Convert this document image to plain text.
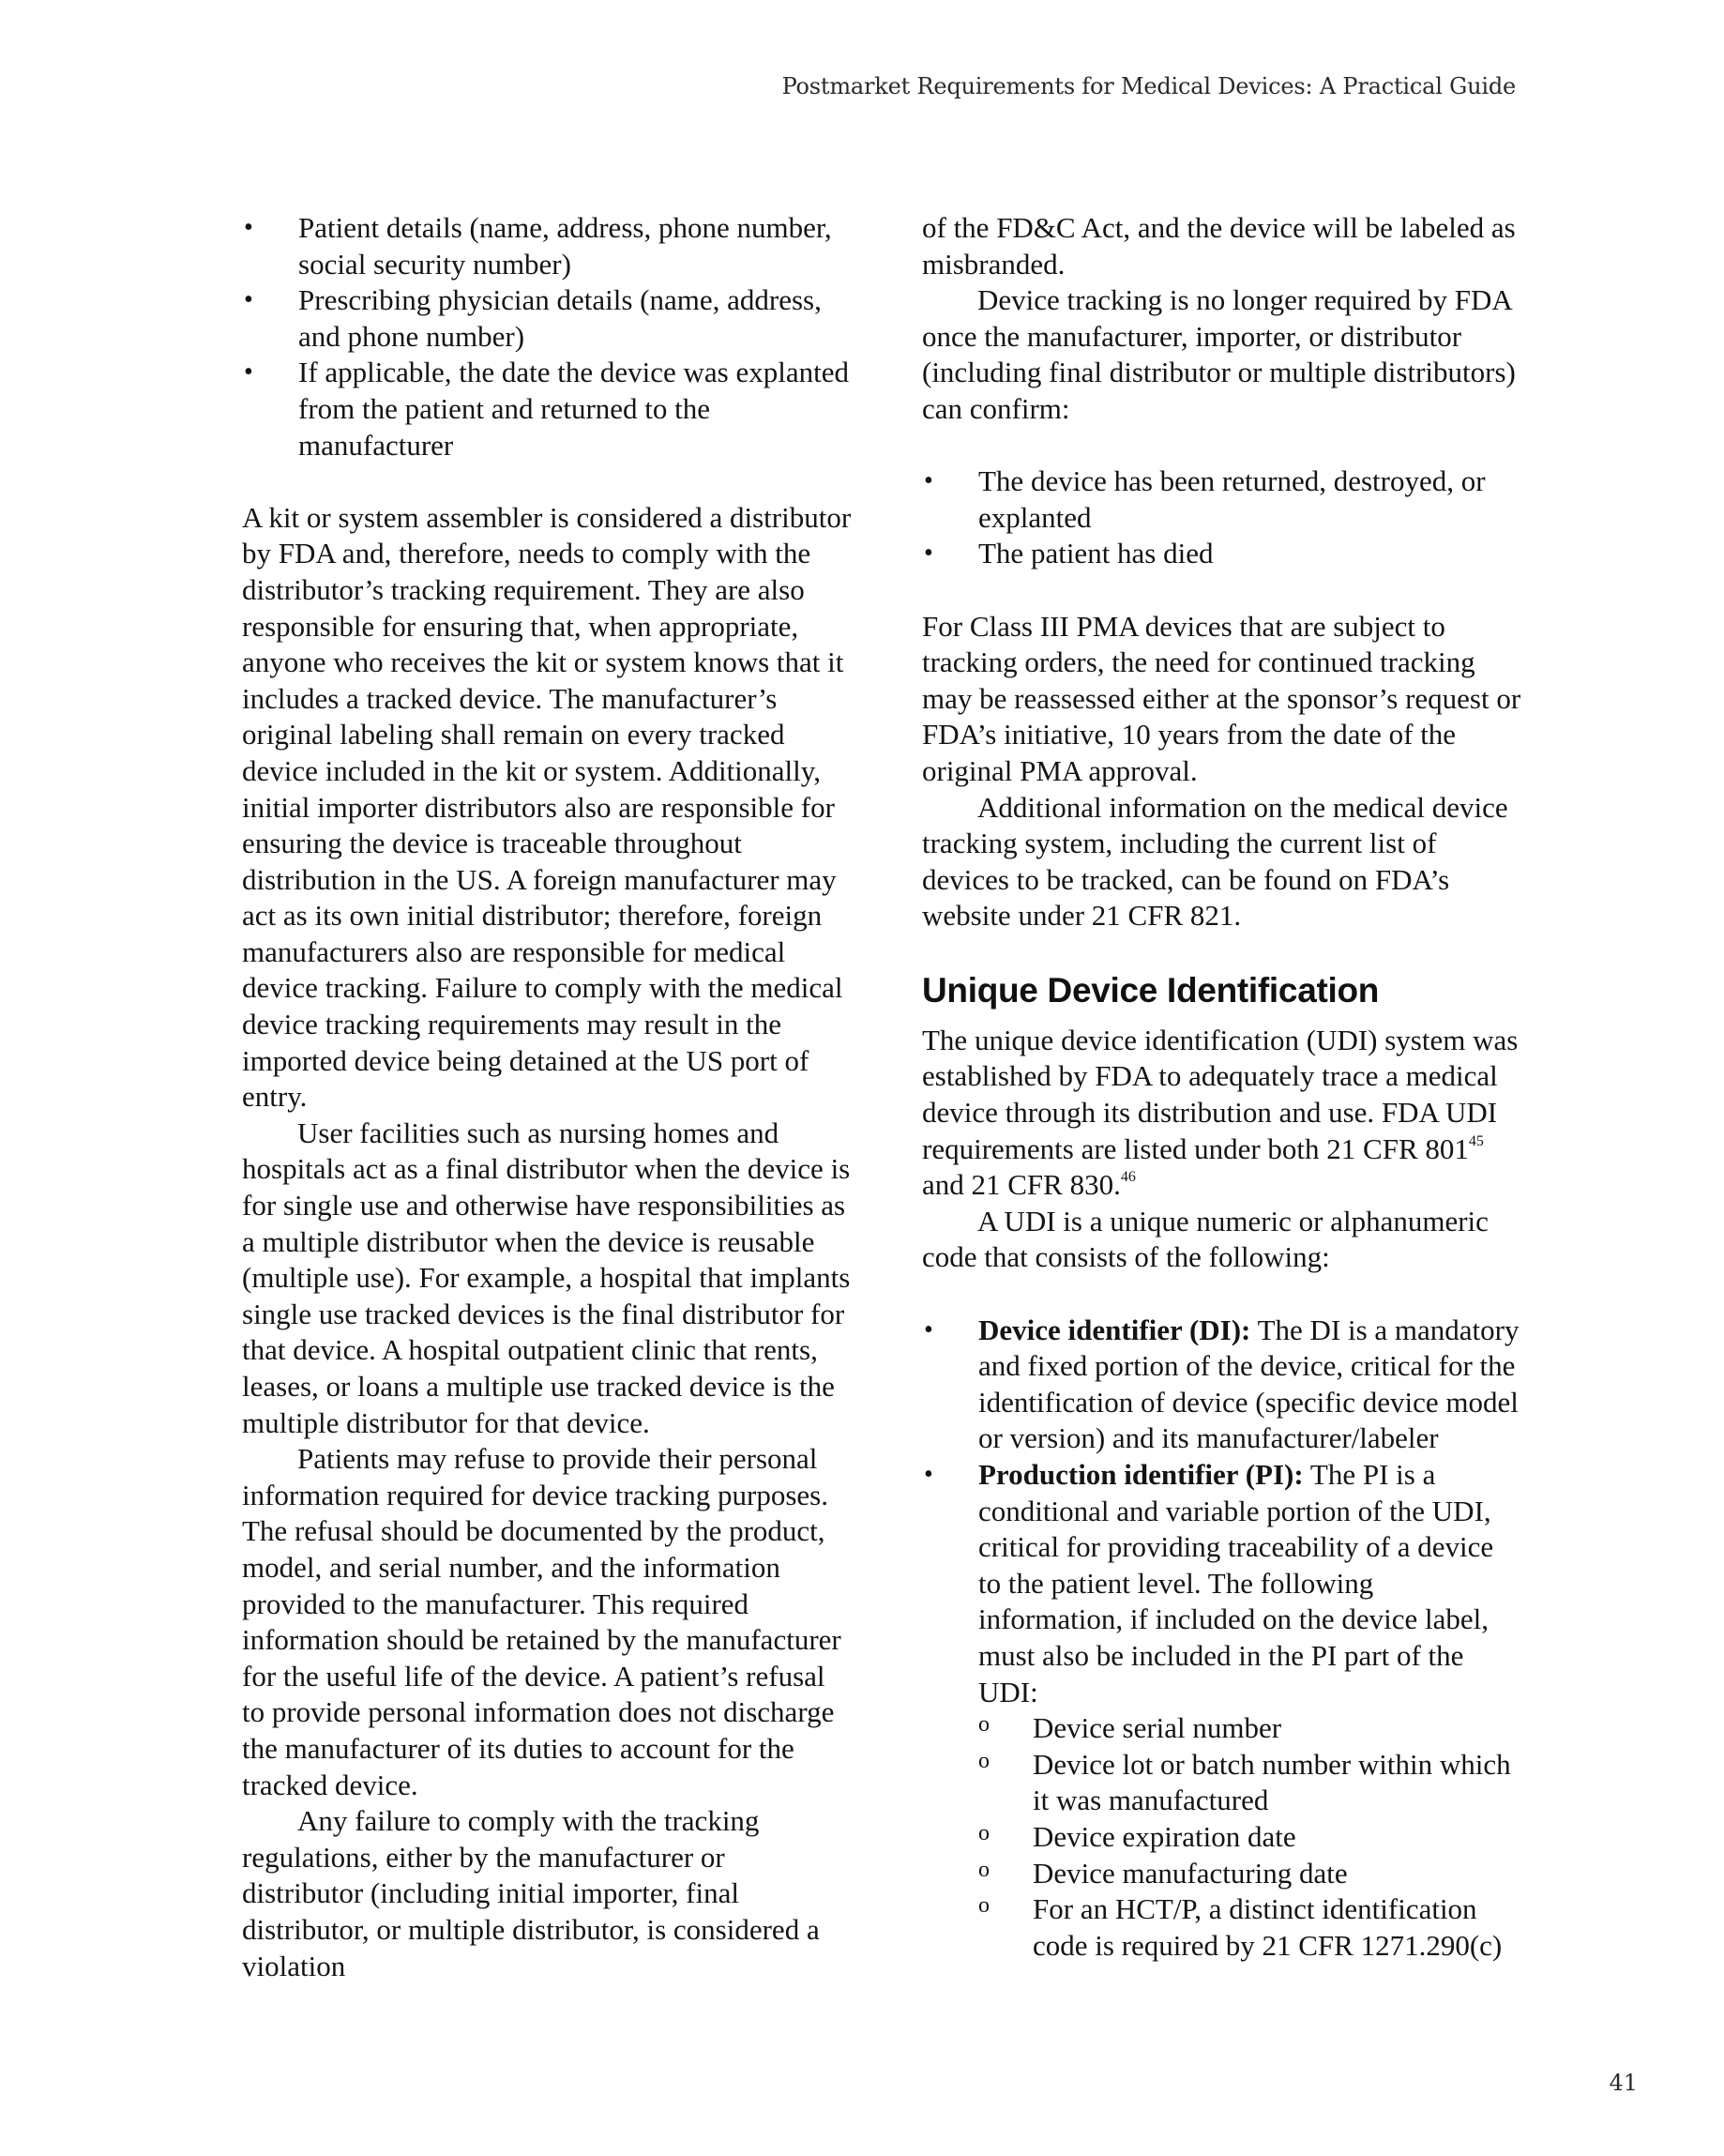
Postmarket Requirements for Medical Devices: A Practical Guide
• Patient details (name, address, phone number, social security number)
• Prescribing physician details (name, address, and phone number)
• If applicable, the date the device was explanted from the patient and returned to the manufacturer

A kit or system assembler is considered a distributor by FDA and, therefore, needs to comply with the distributor’s tracking requirement. They are also responsible for ensuring that, when appropriate, anyone who receives the kit or system knows that it includes a tracked device. The manufacturer’s original labeling shall remain on every tracked device included in the kit or system. Additionally, initial importer distributors also are responsible for ensuring the device is traceable throughout distribution in the US. A foreign manufacturer may act as its own initial distributor; therefore, foreign manufacturers also are responsible for medical device tracking. Failure to comply with the medical device tracking requirements may result in the imported device being detained at the US port of entry.

User facilities such as nursing homes and hospitals act as a final distributor when the device is for single use and otherwise have responsibilities as a multiple distributor when the device is reusable (multiple use). For example, a hospital that implants single use tracked devices is the final distributor for that device. A hospital outpatient clinic that rents, leases, or loans a multiple use tracked device is the multiple distributor for that device.

Patients may refuse to provide their personal information required for device tracking purposes. The refusal should be documented by the product, model, and serial number, and the information provided to the manufacturer. This required information should be retained by the manufacturer for the useful life of the device. A patient’s refusal to provide personal information does not discharge the manufacturer of its duties to account for the tracked device.

Any failure to comply with the tracking regulations, either by the manufacturer or distributor (including initial importer, final distributor, or multiple distributor, is considered a violation

of the FD&C Act, and the device will be labeled as misbranded.

Device tracking is no longer required by FDA once the manufacturer, importer, or distributor (including final distributor or multiple distributors) can confirm:

• The device has been returned, destroyed, or explanted
• The patient has died

For Class III PMA devices that are subject to tracking orders, the need for continued tracking may be reassessed either at the sponsor’s request or FDA’s initiative, 10 years from the date of the original PMA approval.

Additional information on the medical device tracking system, including the current list of devices to be tracked, can be found on FDA’s website under 21 CFR 821.

Unique Device Identification

The unique device identification (UDI) system was established by FDA to adequately trace a medical device through its distribution and use. FDA UDI requirements are listed under both 21 CFR $801^{45}$ and 21 CFR 830.46

A UDI is a unique numeric or alphanumeric code that consists of the following:

• Device identifier (DI): The DI is a mandatory and fixed portion of the device, critical for the identification of device (specific device model or version) and its manufacturer/labeler
• Production identifier (PI): The PI is a conditional and variable portion of the UDI, critical for providing traceability of a device to the patient level. The following information, if included on the device label, must also be included in the PI part of the UDI:
o Device serial number
o Device lot or batch number within which it was manufactured
o Device expiration date
o Device manufacturing date
o For an HCT/P, a distinct identification code is required by 21 CFR 1271.290(c)
41
